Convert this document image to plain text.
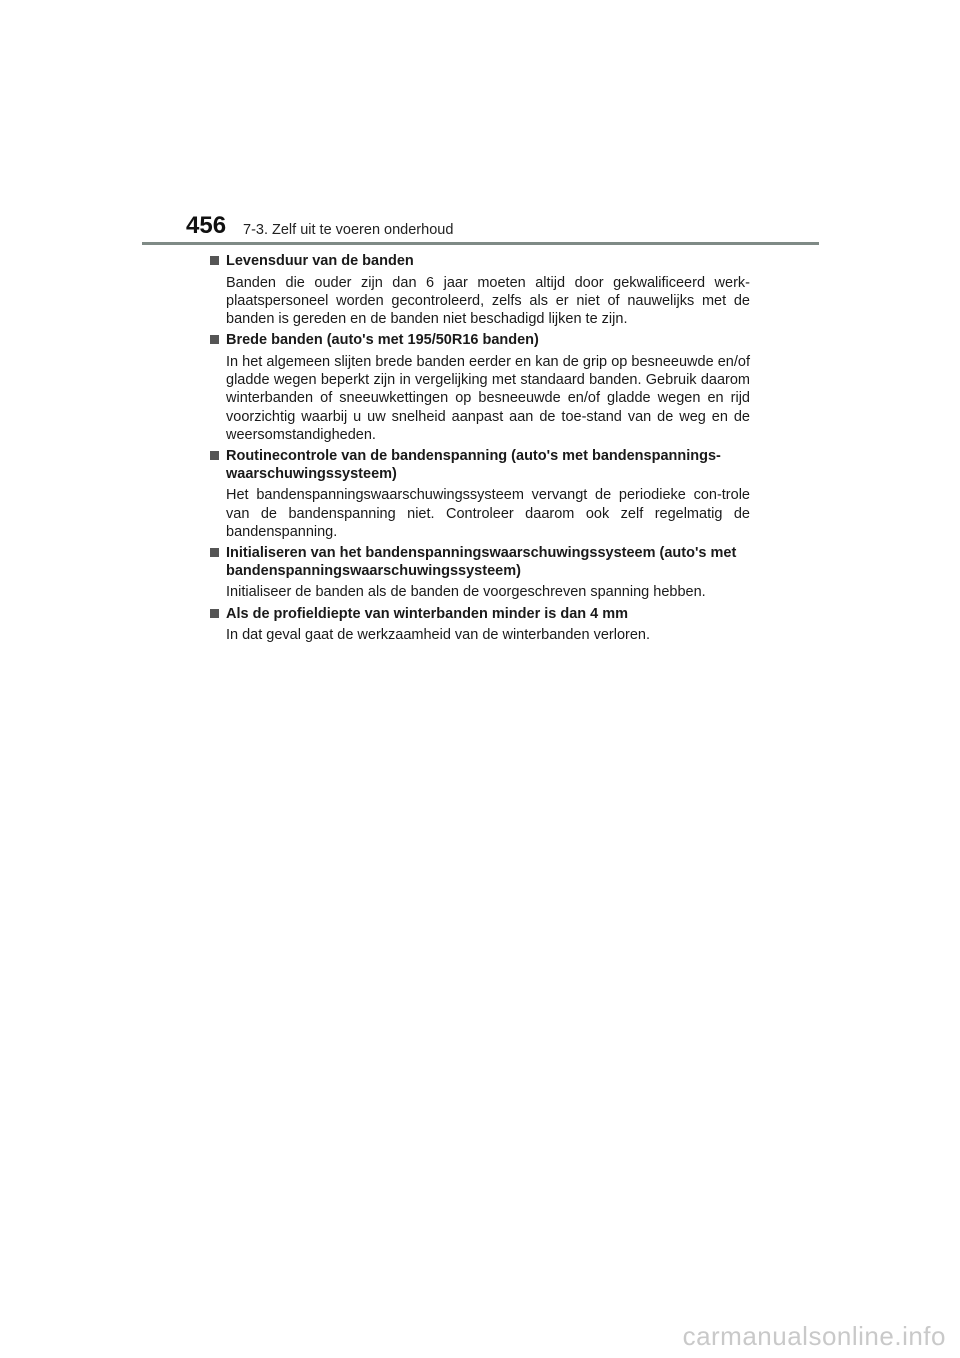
456 7-3. Zelf uit te voeren onderhoud
Levensduur van de banden
Banden die ouder zijn dan 6 jaar moeten altijd door gekwalificeerd werk-plaatspersoneel worden gecontroleerd, zelfs als er niet of nauwelijks met de banden is gereden en de banden niet beschadigd lijken te zijn.
Brede banden (auto's met 195/50R16 banden)
In het algemeen slijten brede banden eerder en kan de grip op besneeuwde en/of gladde wegen beperkt zijn in vergelijking met standaard banden. Gebruik daarom winterbanden of sneeuwkettingen op besneeuwde en/of gladde wegen en rijd voorzichtig waarbij u uw snelheid aanpast aan de toe-stand van de weg en de weersomstandigheden.
Routinecontrole van de bandenspanning (auto's met bandenspannings-waarschuwingssysteem)
Het bandenspanningswaarschuwingssysteem vervangt de periodieke con-trole van de bandenspanning niet. Controleer daarom ook zelf regelmatig de bandenspanning.
Initialiseren van het bandenspanningswaarschuwingssysteem (auto's met bandenspanningswaarschuwingssysteem)
Initialiseer de banden als de banden de voorgeschreven spanning hebben.
Als de profieldiepte van winterbanden minder is dan 4 mm
In dat geval gaat de werkzaamheid van de winterbanden verloren.
carmanualsonline.info
